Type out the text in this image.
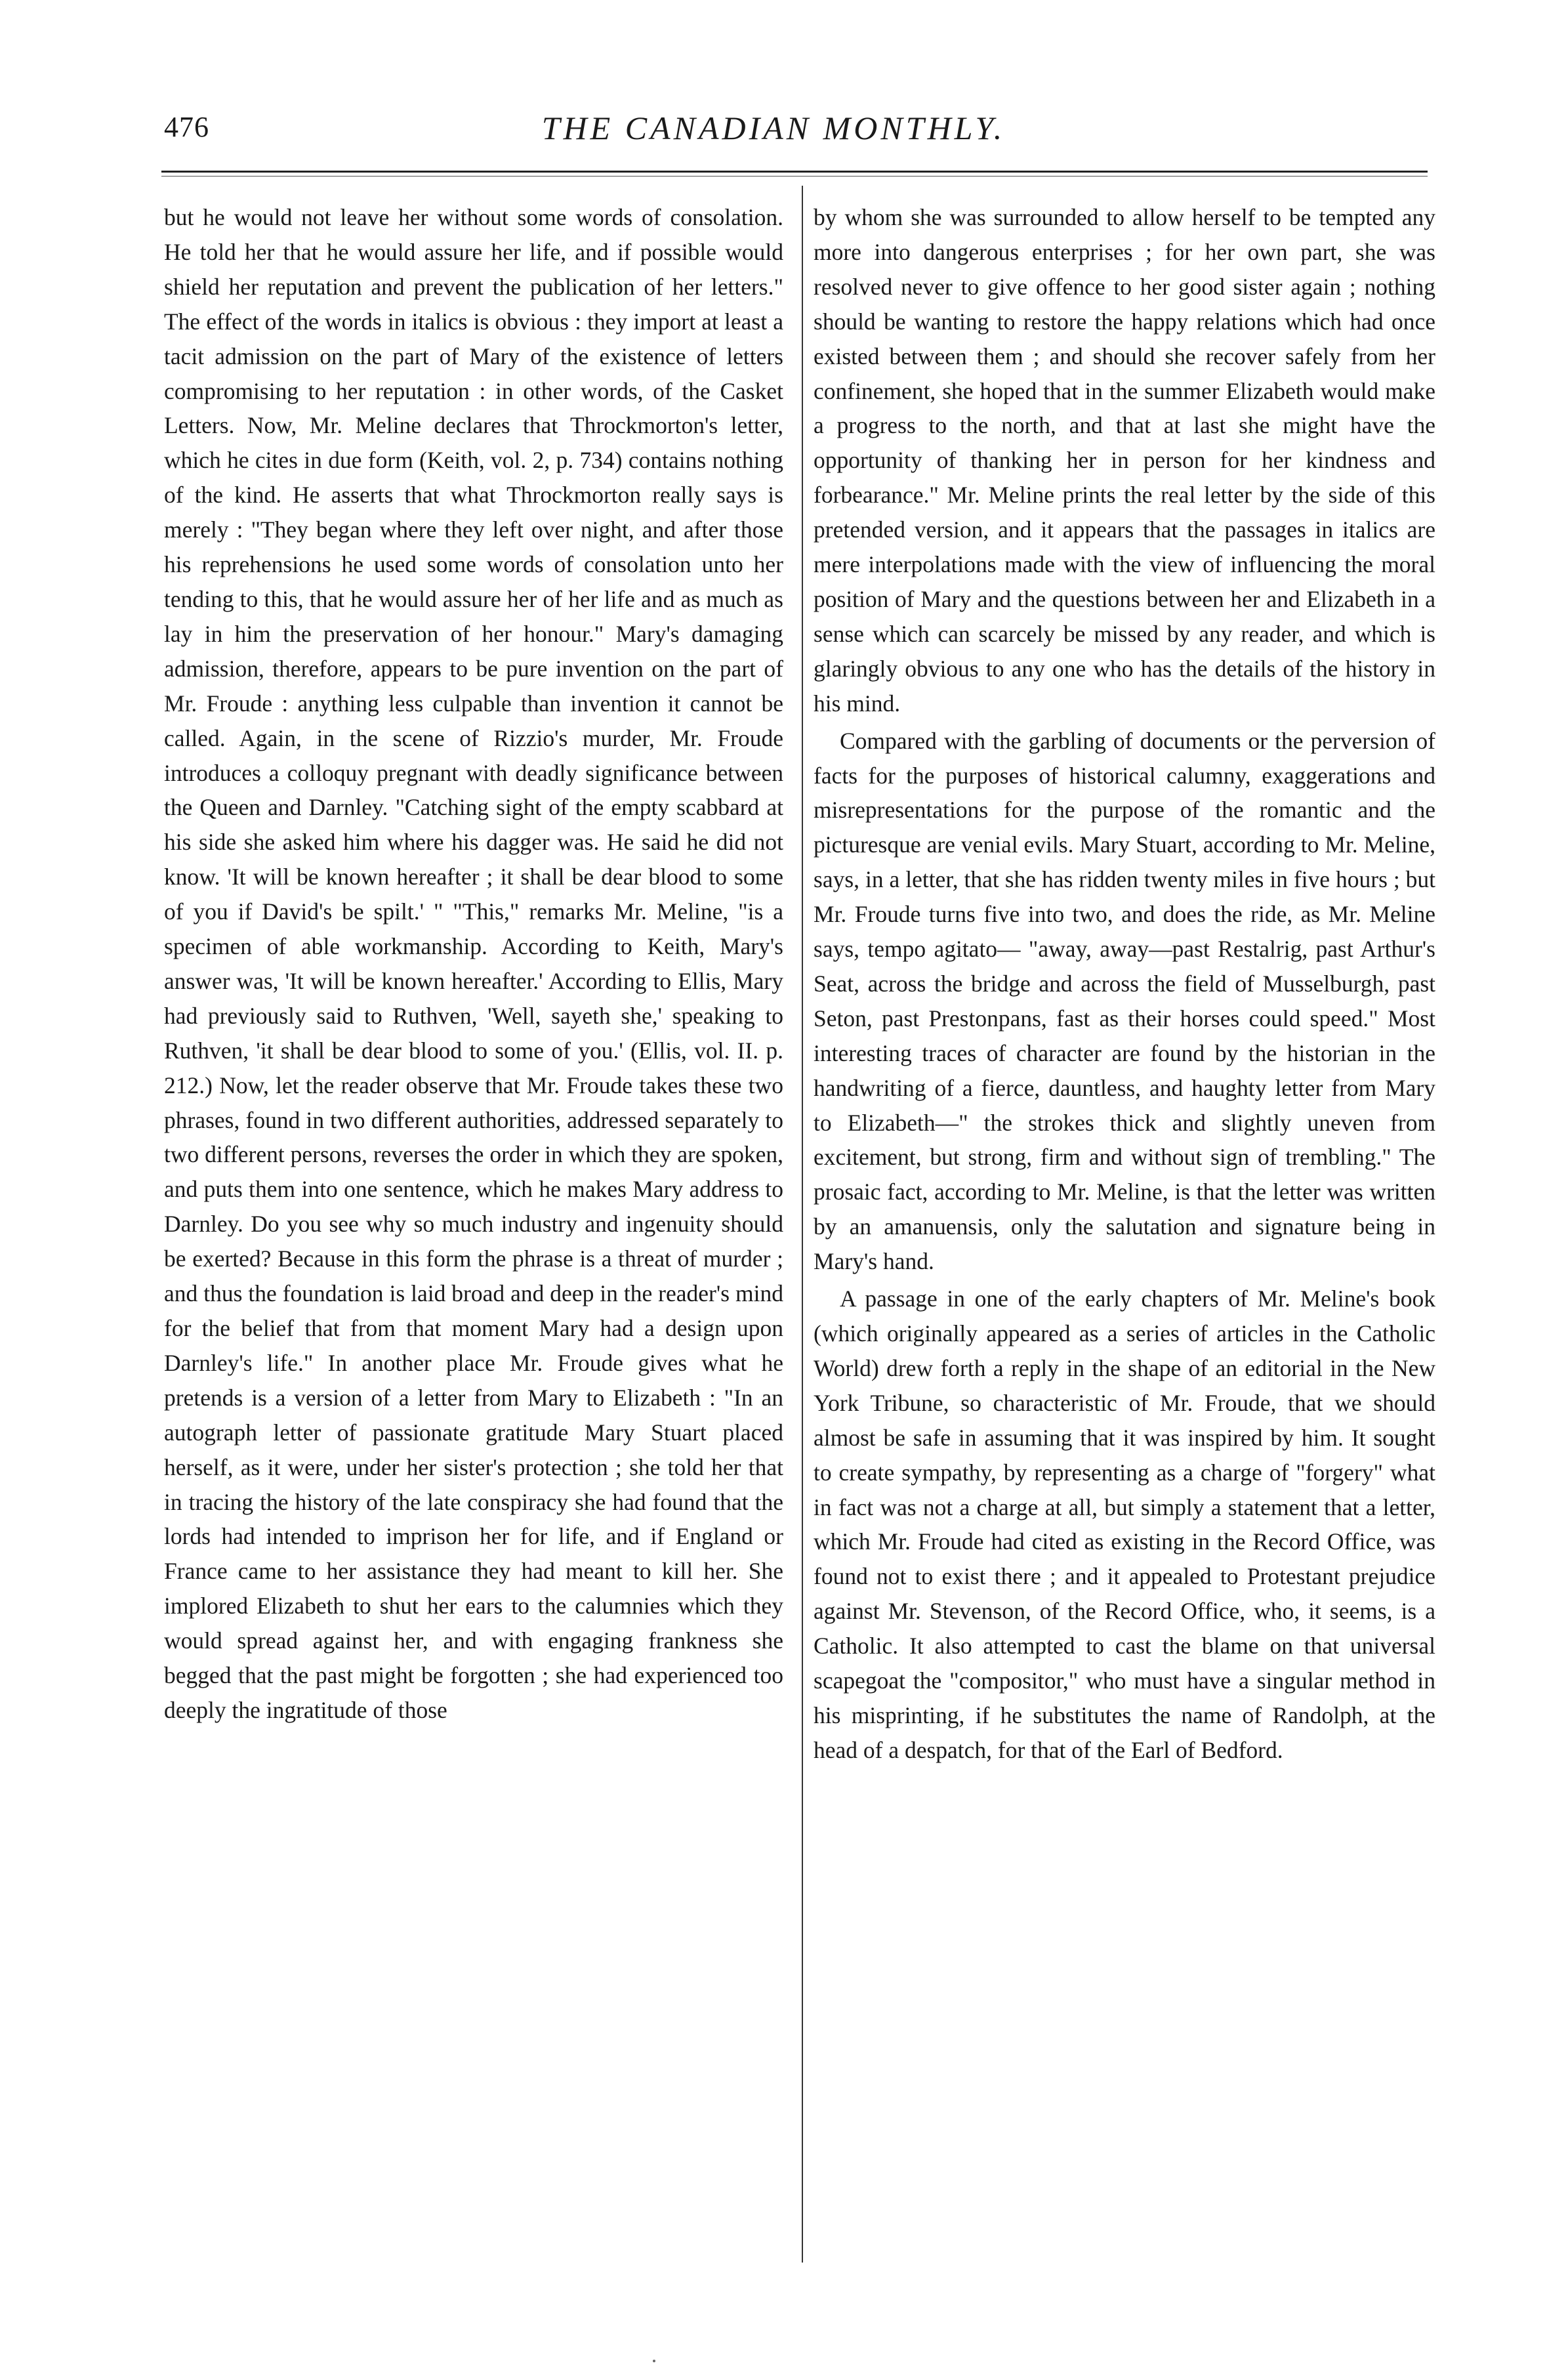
476	THE CANADIAN MONTHLY.

but he would not leave her without some words of consolation. He told her that he would assure her life, and if possible would shield her reputation and prevent the publication of her letters." The effect of the words in italics is obvious : they import at least a tacit admission on the part of Mary of the existence of letters compromising to her reputation : in other words, of the Casket Letters. Now, Mr. Meline declares that Throckmorton's letter, which he cites in due form (Keith, vol. 2, p. 734) contains nothing of the kind. He asserts that what Throckmorton really says is merely : "They began where they left over night, and after those his reprehensions he used some words of consolation unto her tending to this, that he would assure her of her life and as much as lay in him the preservation of her honour." Mary's damaging admission, therefore, appears to be pure invention on the part of Mr. Froude : anything less culpable than invention it cannot be called. Again, in the scene of Rizzio's murder, Mr. Froude introduces a colloquy pregnant with deadly significance between the Queen and Darnley. "Catching sight of the empty scabbard at his side she asked him where his dagger was. He said he did not know. 'It will be known hereafter ; it shall be dear blood to some of you if David's be spilt.' " "This," remarks Mr. Meline, "is a specimen of able workmanship. According to Keith, Mary's answer was, 'It will be known hereafter.' According to Ellis, Mary had previously said to Ruthven, 'Well, sayeth she,' speaking to Ruthven, 'it shall be dear blood to some of you.' (Ellis, vol. II. p. 212.) Now, let the reader observe that Mr. Froude takes these two phrases, found in two different authorities, addressed separately to two different persons, reverses the order in which they are spoken, and puts them into one sentence, which he makes Mary address to Darnley. Do you see why so much industry and ingenuity should be exerted? Because in this form the phrase is a threat of murder ; and thus the foundation is laid broad and deep in the reader's mind for the belief that from that moment Mary had a design upon Darnley's life." In another place Mr. Froude gives what he pretends is a version of a letter from Mary to Elizabeth : "In an autograph letter of passionate gratitude Mary Stuart placed herself, as it were, under her sister's protection ; she told her that in tracing the history of the late conspiracy she had found that the lords had intended to imprison her for life, and if England or France came to her assistance they had meant to kill her. She implored Elizabeth to shut her ears to the calumnies which they would spread against her, and with engaging frankness she begged that the past might be forgotten ; she had experienced too deeply the ingratitude of those

by whom she was surrounded to allow herself to be tempted any more into dangerous enterprises ; for her own part, she was resolved never to give offence to her good sister again ; nothing should be wanting to restore the happy relations which had once existed between them ; and should she recover safely from her confinement, she hoped that in the summer Elizabeth would make a progress to the north, and that at last she might have the opportunity of thanking her in person for her kindness and forbearance." Mr. Meline prints the real letter by the side of this pretended version, and it appears that the passages in italics are mere interpolations made with the view of influencing the moral position of Mary and the questions between her and Elizabeth in a sense which can scarcely be missed by any reader, and which is glaringly obvious to any one who has the details of the history in his mind.

Compared with the garbling of documents or the perversion of facts for the purposes of historical calumny, exaggerations and misrepresentations for the purpose of the romantic and the picturesque are venial evils. Mary Stuart, according to Mr. Meline, says, in a letter, that she has ridden twenty miles in five hours ; but Mr. Froude turns five into two, and does the ride, as Mr. Meline says, tempo agitato— "away, away—past Restalrig, past Arthur's Seat, across the bridge and across the field of Musselburgh, past Seton, past Prestonpans, fast as their horses could speed." Most interesting traces of character are found by the historian in the handwriting of a fierce, dauntless, and haughty letter from Mary to Elizabeth—" the strokes thick and slightly uneven from excitement, but strong, firm and without sign of trembling." The prosaic fact, according to Mr. Meline, is that the letter was written by an amanuensis, only the salutation and signature being in Mary's hand.

A passage in one of the early chapters of Mr. Meline's book (which originally appeared as a series of articles in the Catholic World) drew forth a reply in the shape of an editorial in the New York Tribune, so characteristic of Mr. Froude, that we should almost be safe in assuming that it was inspired by him. It sought to create sympathy, by representing as a charge of "forgery" what in fact was not a charge at all, but simply a statement that a letter, which Mr. Froude had cited as existing in the Record Office, was found not to exist there ; and it appealed to Protestant prejudice against Mr. Stevenson, of the Record Office, who, it seems, is a Catholic. It also attempted to cast the blame on that universal scapegoat the "compositor," who must have a singular method in his misprinting, if he substitutes the name of Randolph, at the head of a despatch, for that of the Earl of Bedford.
